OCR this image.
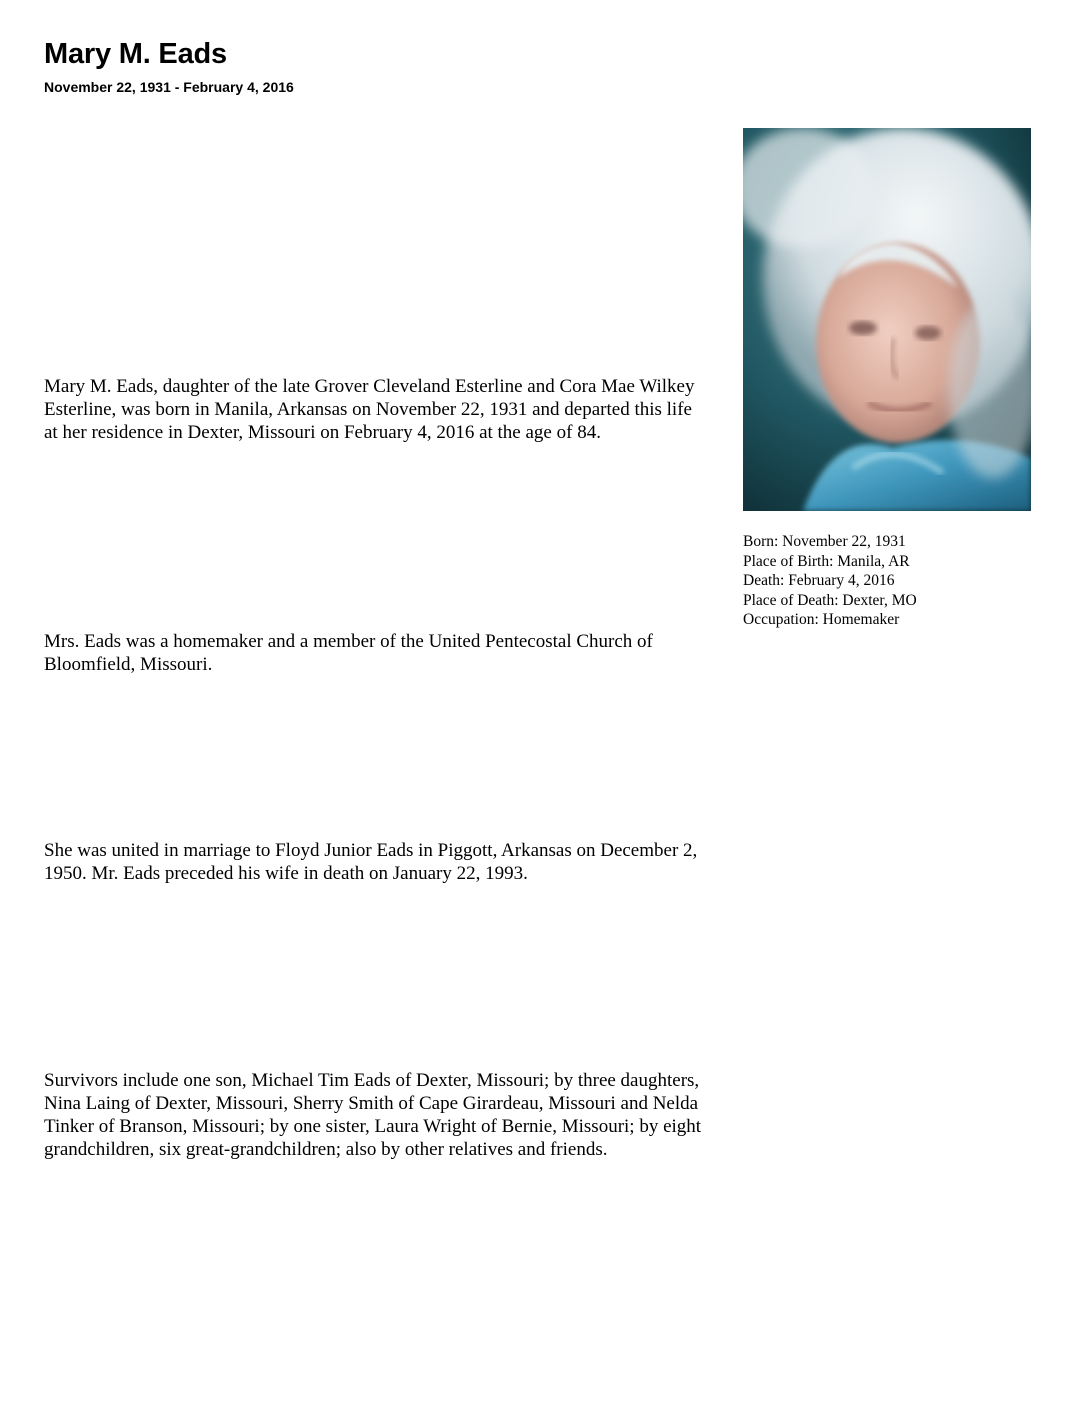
Mary M. Eads
November 22, 1931 - February 4, 2016

Mary M. Eads, daughter of the late Grover Cleveland Esterline and Cora Mae Wilkey Esterline, was born in Manila, Arkansas on November 22, 1931 and departed this life at her residence in Dexter, Missouri on February 4, 2016 at the age of 84.

Mrs. Eads was a homemaker and a member of the United Pentecostal Church of Bloomfield, Missouri.

She was united in marriage to Floyd Junior Eads in Piggott, Arkansas on December 2, 1950. Mr. Eads preceded his wife in death on January 22, 1993.

Survivors include one son, Michael Tim Eads of Dexter, Missouri; by three daughters, Nina Laing of Dexter, Missouri, Sherry Smith of Cape Girardeau, Missouri and Nelda Tinker of Branson, Missouri; by one sister, Laura Wright of Bernie, Missouri; by eight grandchildren, six great-grandchildren; also by other relatives and friends.

Born: November 22, 1931
Place of Birth: Manila, AR
Death: February 4, 2016
Place of Death: Dexter, MO
Occupation: Homemaker
